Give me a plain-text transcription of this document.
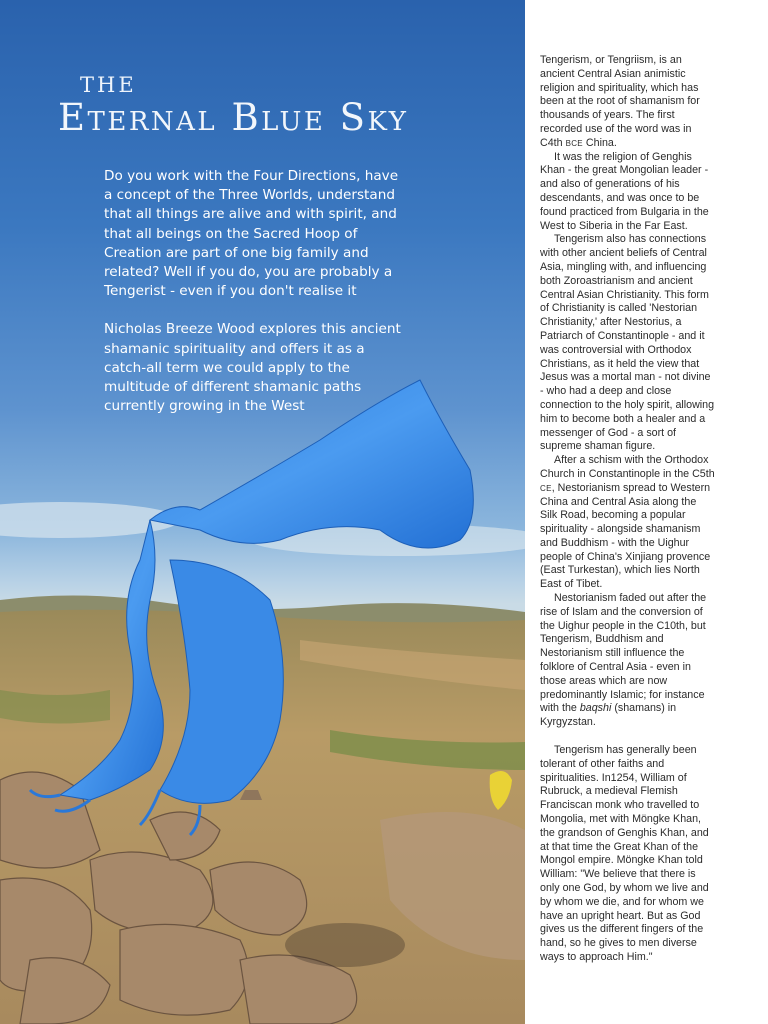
THE
Eternal Blue Sky

Do you work with the Four Directions, have a concept of the Three Worlds, understand that all things are alive and with spirit, and that all beings on the Sacred Hoop of Creation are part of one big family and related? Well if you do, you are probably a Tengerist - even if you don't realise it

Nicholas Breeze Wood explores this ancient shamanic spirituality and offers it as a catch-all term we could apply to the multitude of different shamanic paths currently growing in the West

Tengerism, or Tengriism, is an ancient Central Asian animistic religion and spirituality, which has been at the root of shamanism for thousands of years. The first recorded use of the word was in C4th BCE China.

It was the religion of Genghis Khan - the great Mongolian leader - and also of generations of his descendants, and was once to be found practiced from Bulgaria in the West to Siberia in the Far East.

Tengerism also has connections with other ancient beliefs of Central Asia, mingling with, and influencing both Zoroastrianism and ancient Central Asian Christianity. This form of Christianity is called 'Nestorian Christianity,' after Nestorius, a Patriarch of Constantinople - and it was controversial with Orthodox Christians, as it held the view that Jesus was a mortal man - not divine - who had a deep and close connection to the holy spirit, allowing him to become both a healer and a messenger of God - a sort of supreme shaman figure.

After a schism with the Orthodox Church in Constantinople in the C5th CE, Nestorianism spread to Western China and Central Asia along the Silk Road, becoming a popular spirituality - alongside shamanism and Buddhism - with the Uighur people of China's Xinjiang provence (East Turkestan), which lies North East of Tibet.

Nestorianism faded out after the rise of Islam and the conversion of the Uighur people in the C10th, but Tengerism, Buddhism and Nestorianism still influence the folklore of Central Asia - even in those areas which are now predominantly Islamic; for instance with the baqshi (shamans) in Kyrgyzstan.

Tengerism has generally been tolerant of other faiths and spiritualities. In1254, William of Rubruck, a medieval Flemish Franciscan monk who travelled to Mongolia, met with Möngke Khan, the grandson of Genghis Khan, and at that time the Great Khan of the Mongol empire. Möngke Khan told William: "We believe that there is only one God, by whom we live and by whom we die, and for whom we have an upright heart. But as God gives us the different fingers of the hand, so he gives to men diverse ways to approach Him."
